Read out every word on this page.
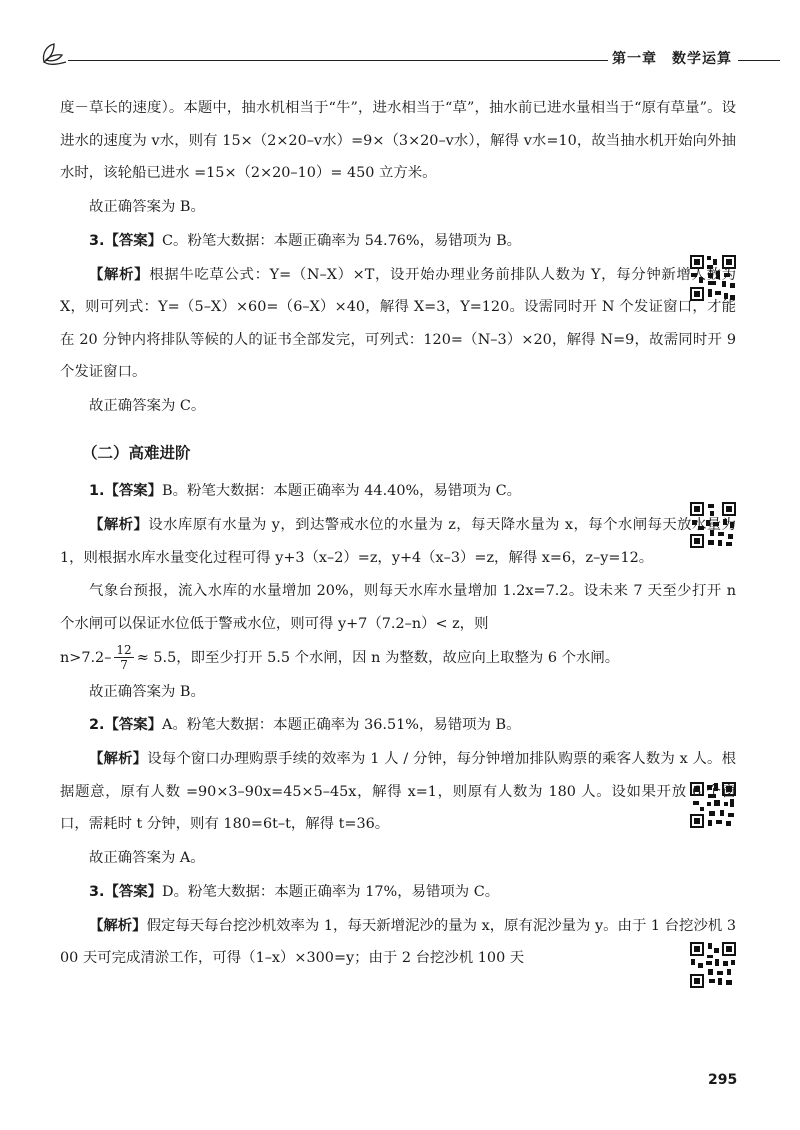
第一章　数学运算

度－草长的速度）。本题中，抽水机相当于“牛”，进水相当于“草”，抽水前已进水量相当于“原有草量”。设进水的速度为 v水，则有 15×（2×20–v水）=9×（3×20–v水），解得 v水=10，故当抽水机开始向外抽水时，该轮船已进水 =15×（2×20–10）= 450 立方米。

故正确答案为 B。

3.【答案】C。粉笔大数据：本题正确率为 54.76%，易错项为 B。

【解析】根据牛吃草公式：Y=（N–X）×T，设开始办理业务前排队人数为 Y，每分钟新增人数为 X，则可列式：Y=（5–X）×60=（6–X）×40，解得 X=3，Y=120。设需同时开 N 个发证窗口，才能在 20 分钟内将排队等候的人的证书全部发完，可列式：120=（N–3）×20，解得 N=9，故需同时开 9 个发证窗口。

故正确答案为 C。

（二）高难进阶

1.【答案】B。粉笔大数据：本题正确率为 44.40%，易错项为 C。

【解析】设水库原有水量为 y，到达警戒水位的水量为 z，每天降水量为 x，每个水闸每天放水量为 1，则根据水库水量变化过程可得 y+3（x–2）=z，y+4（x–3）=z，解得 x=6，z–y=12。

气象台预报，流入水库的水量增加 20%，则每天水库水量增加 1.2x=7.2。设未来 7 天至少打开 n 个水闸可以保证水位低于警戒水位，则可得 y+7（7.2–n）< z，则

$n>7.2- \frac{12}{7} \approx 5.5$，即至少打开 5.5 个水闸，因 n 为整数，故应向上取整为 6 个水闸。

故正确答案为 B。

2.【答案】A。粉笔大数据：本题正确率为 36.51%，易错项为 B。

【解析】设每个窗口办理购票手续的效率为 1 人 / 分钟，每分钟增加排队购票的乘客人数为 x 人。根据题意，原有人数 =90×3–90x=45×5–45x，解得 x=1，则原有人数为 180 人。设如果开放 6 个窗口，需耗时 t 分钟，则有 180=6t–t，解得 t=36。

故正确答案为 A。

3.【答案】D。粉笔大数据：本题正确率为 17%，易错项为 C。

【解析】假定每天每台挖沙机效率为 1，每天新增泥沙的量为 x，原有泥沙量为 y。由于 1 台挖沙机 300 天可完成清淤工作，可得（1–x）×300=y；由于 2 台挖沙机 100 天

295
